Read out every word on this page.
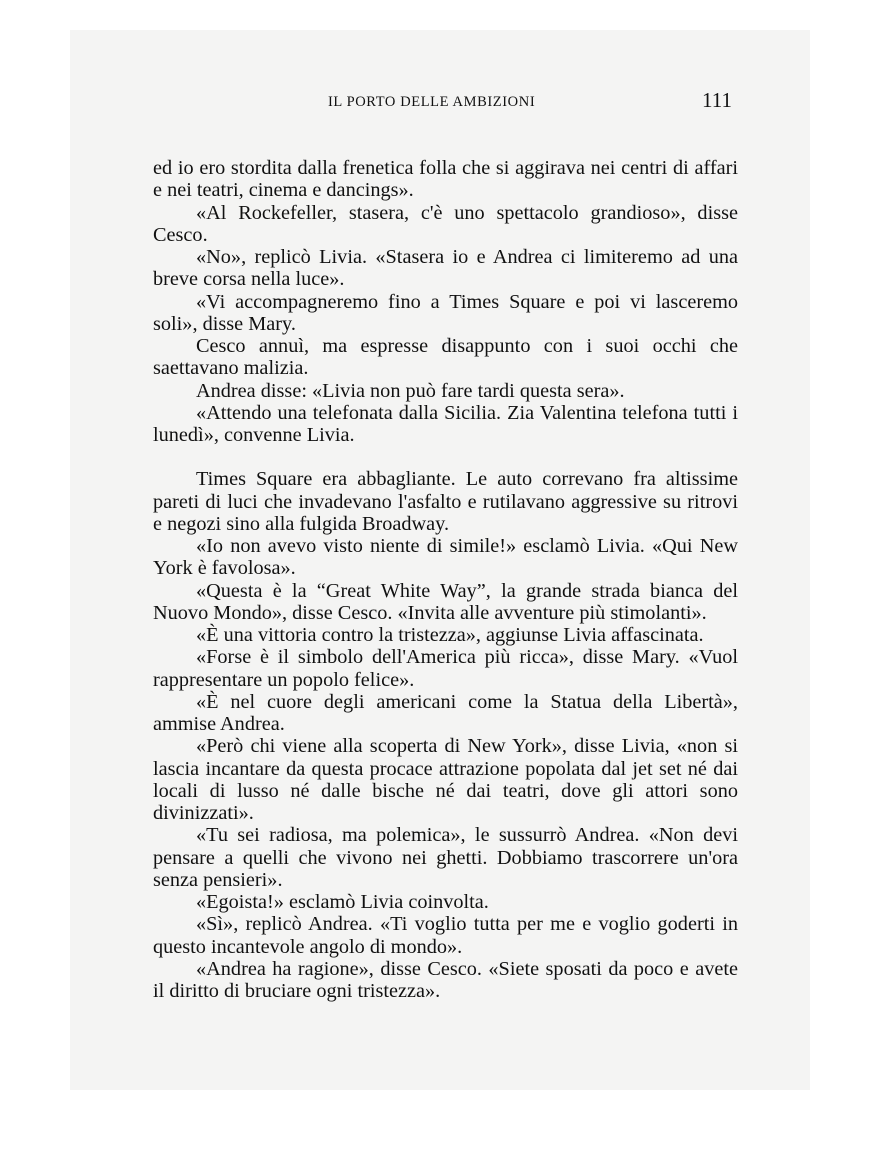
IL PORTO DELLE AMBIZIONI	111

ed io ero stordita dalla frenetica folla che si aggirava nei centri di affari e nei teatri, cinema e dancings».

«Al Rockefeller, stasera, c'è uno spettacolo grandioso», disse Cesco.

«No», replicò Livia. «Stasera io e Andrea ci limiteremo ad una breve corsa nella luce».

«Vi accompagneremo fino a Times Square e poi vi lasceremo soli», disse Mary.

Cesco annuì, ma espresse disappunto con i suoi occhi che saettavano malizia.

Andrea disse: «Livia non può fare tardi questa sera».

«Attendo una telefonata dalla Sicilia. Zia Valentina telefona tutti i lunedì», convenne Livia.

Times Square era abbagliante. Le auto correvano fra altissime pareti di luci che invadevano l'asfalto e rutilavano aggressive su ritrovi e negozi sino alla fulgida Broadway.

«Io non avevo visto niente di simile!» esclamò Livia. «Qui New York è favolosa».

«Questa è la “Great White Way”, la grande strada bianca del Nuovo Mondo», disse Cesco. «Invita alle avventure più stimolanti».

«È una vittoria contro la tristezza», aggiunse Livia affascinata.

«Forse è il simbolo dell'America più ricca», disse Mary. «Vuol rappresentare un popolo felice».

«È nel cuore degli americani come la Statua della Libertà», ammise Andrea.

«Però chi viene alla scoperta di New York», disse Livia, «non si lascia incantare da questa procace attrazione popolata dal jet set né dai locali di lusso né dalle bische né dai teatri, dove gli attori sono divinizzati».

«Tu sei radiosa, ma polemica», le sussurrò Andrea. «Non devi pensare a quelli che vivono nei ghetti. Dobbiamo trascorrere un'ora senza pensieri».

«Egoista!» esclamò Livia coinvolta.

«Sì», replicò Andrea. «Ti voglio tutta per me e voglio goderti in questo incantevole angolo di mondo».

«Andrea ha ragione», disse Cesco. «Siete sposati da poco e avete il diritto di bruciare ogni tristezza».
